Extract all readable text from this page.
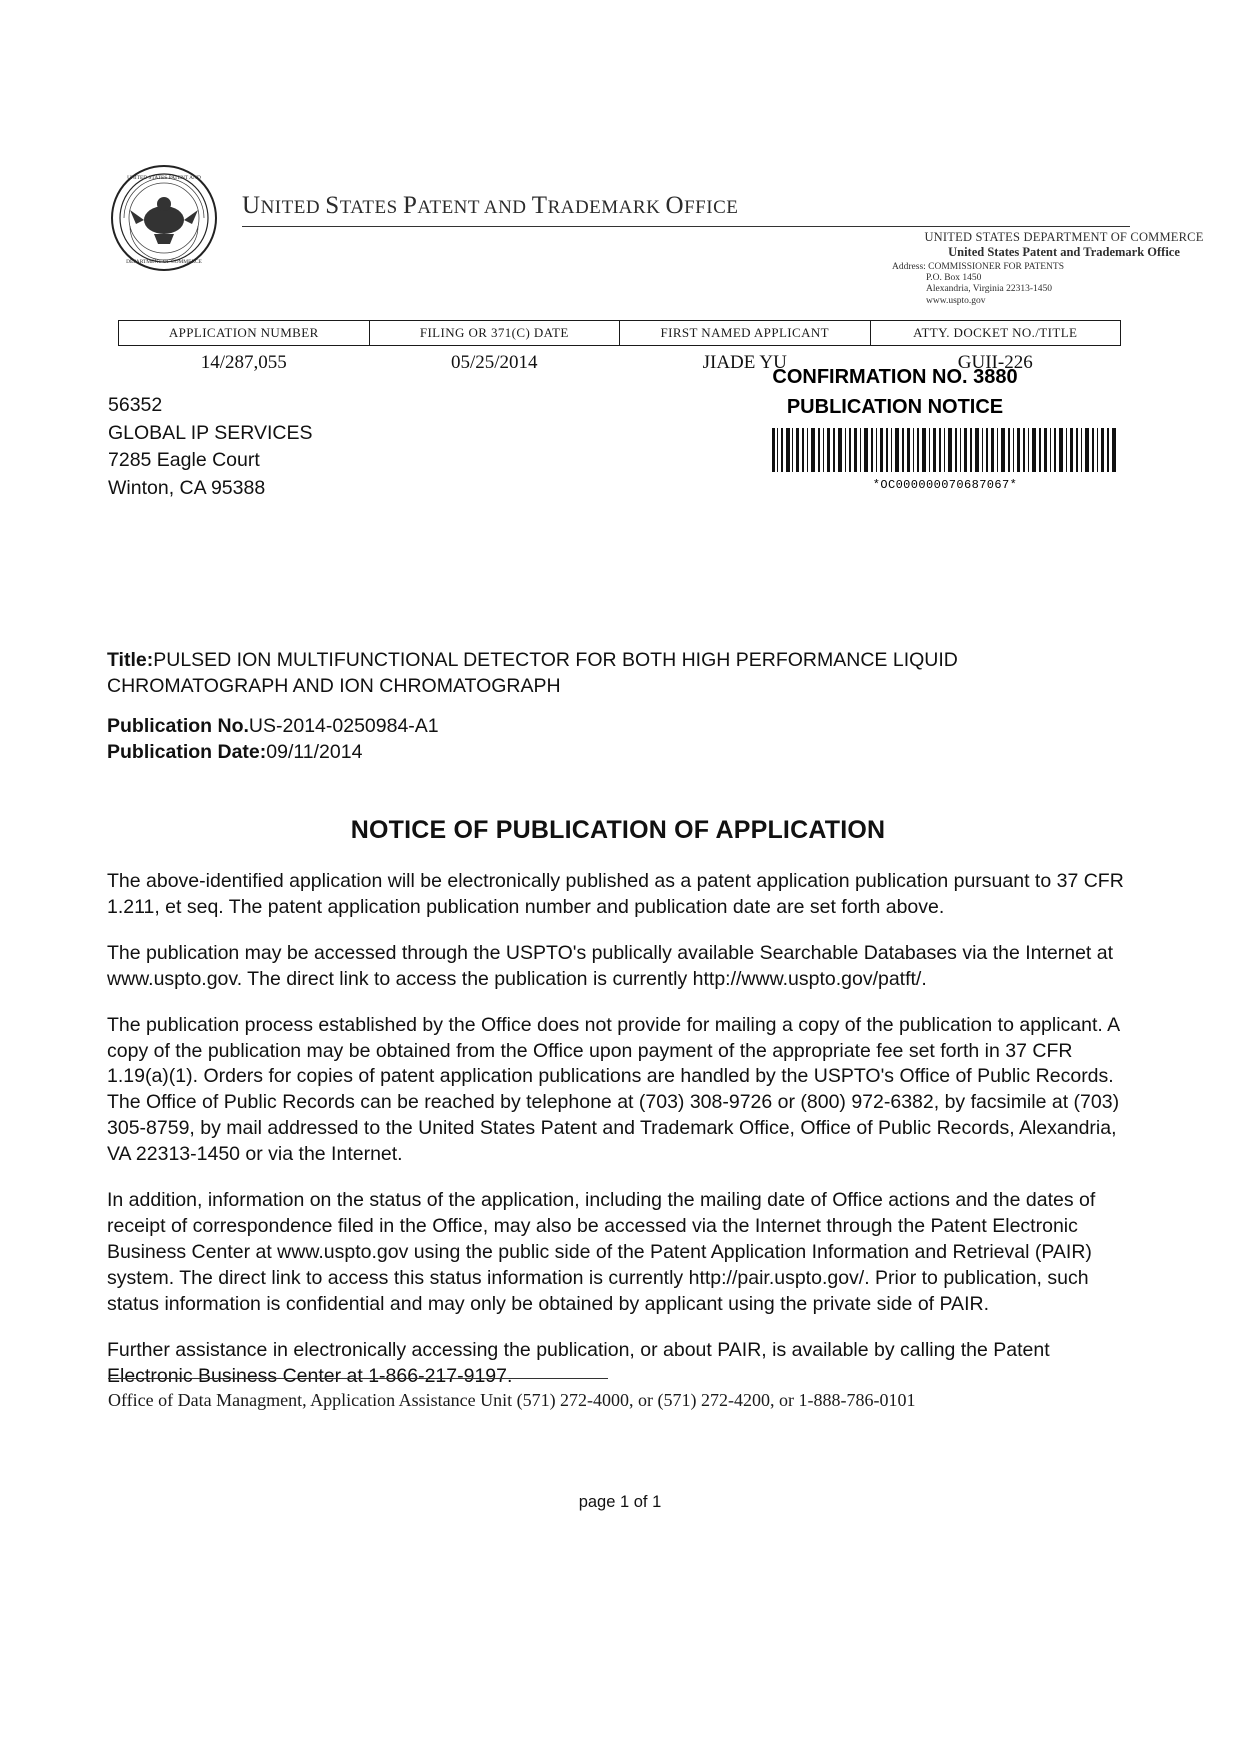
UNITED STATES PATENT AND
DEPARTMENT OF COMMERCE
UNITED STATES PATENT AND TRADEMARK OFFICE
UNITED STATES DEPARTMENT OF COMMERCE
United States Patent and Trademark Office
Address: COMMISSIONER FOR PATENTS
P.O. Box 1450
Alexandria, Virginia 22313-1450
www.uspto.gov
APPLICATION NUMBER	FILING OR 371(C) DATE	FIRST NAMED APPLICANT	ATTY. DOCKET NO./TITLE
14/287,055	05/25/2014	JIADE YU	GUII-226
56352
GLOBAL IP SERVICES
7285 Eagle Court
Winton, CA 95388
CONFIRMATION NO. 3880
PUBLICATION NOTICE
*OC000000070687067*
Title:PULSED ION MULTIFUNCTIONAL DETECTOR FOR BOTH HIGH PERFORMANCE LIQUID CHROMATOGRAPH AND ION CHROMATOGRAPH
Publication No.US-2014-0250984-A1
Publication Date:09/11/2014
NOTICE OF PUBLICATION OF APPLICATION

The above-identified application will be electronically published as a patent application publication pursuant to 37 CFR 1.211, et seq. The patent application publication number and publication date are set forth above.

The publication may be accessed through the USPTO's publically available Searchable Databases via the Internet at www.uspto.gov. The direct link to access the publication is currently http://www.uspto.gov/patft/.

The publication process established by the Office does not provide for mailing a copy of the publication to applicant. A copy of the publication may be obtained from the Office upon payment of the appropriate fee set forth in 37 CFR 1.19(a)(1). Orders for copies of patent application publications are handled by the USPTO's Office of Public Records. The Office of Public Records can be reached by telephone at (703) 308-9726 or (800) 972-6382, by facsimile at (703) 305-8759, by mail addressed to the United States Patent and Trademark Office, Office of Public Records, Alexandria, VA 22313-1450 or via the Internet.

In addition, information on the status of the application, including the mailing date of Office actions and the dates of receipt of correspondence filed in the Office, may also be accessed via the Internet through the Patent Electronic Business Center at www.uspto.gov using the public side of the Patent Application Information and Retrieval (PAIR) system. The direct link to access this status information is currently http://pair.uspto.gov/. Prior to publication, such status information is confidential and may only be obtained by applicant using the private side of PAIR.

Further assistance in electronically accessing the publication, or about PAIR, is available by calling the Patent Electronic Business Center at 1-866-217-9197.

Office of Data Managment, Application Assistance Unit (571) 272-4000, or (571) 272-4200, or 1-888-786-0101
page 1 of 1
